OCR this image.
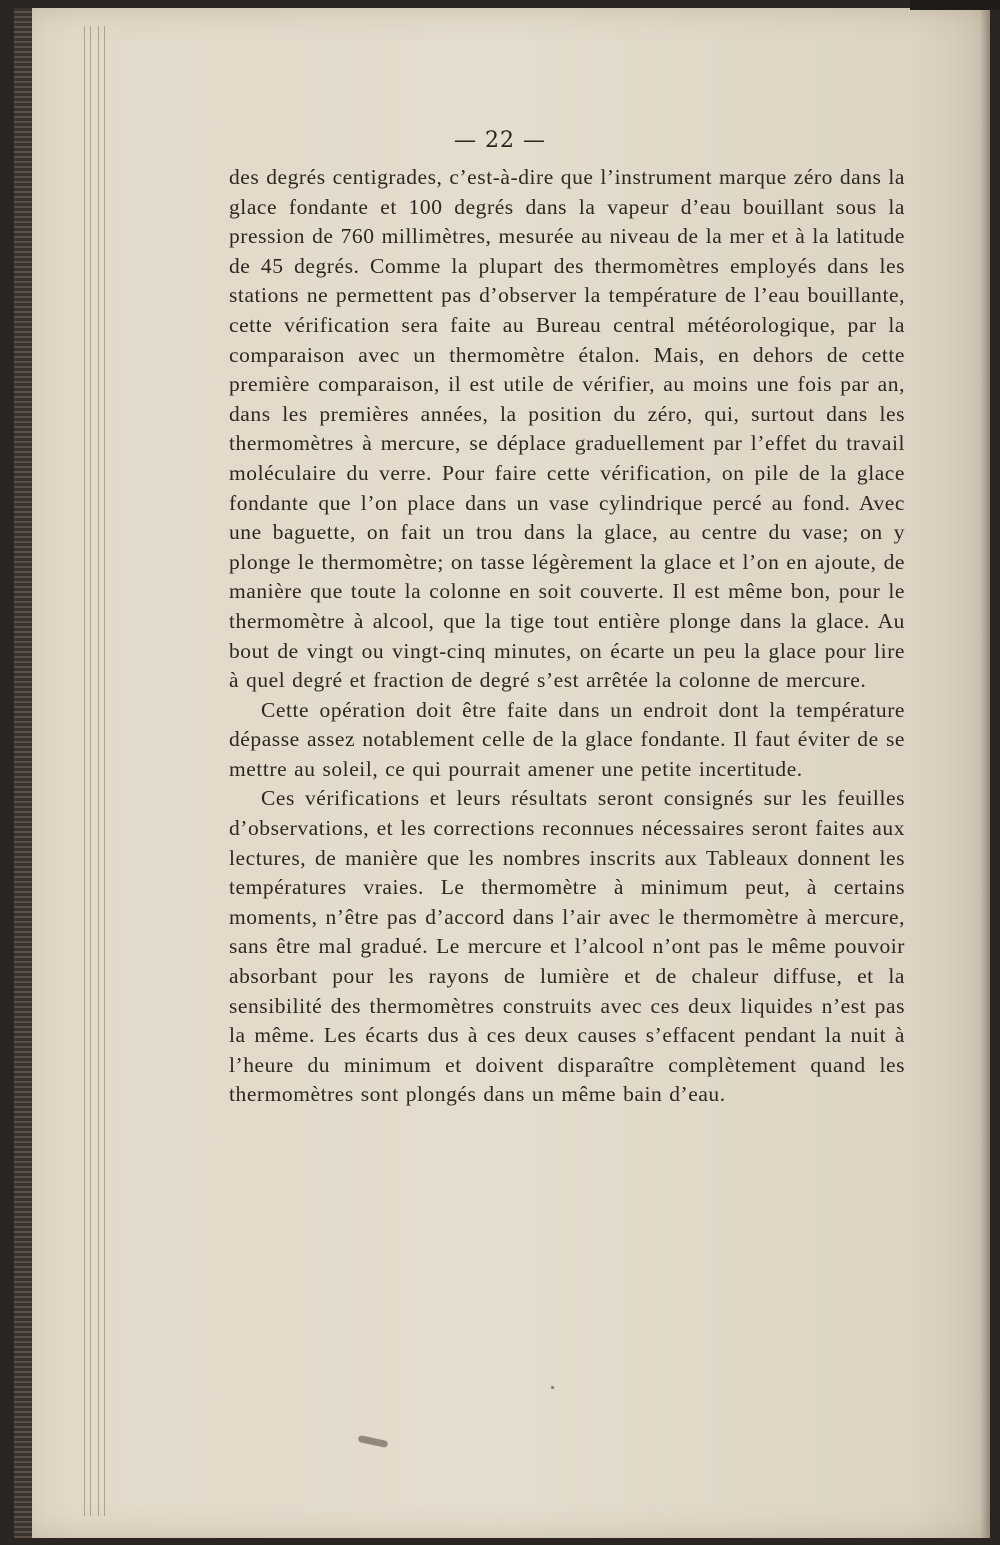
— 22 —

des degrés centigrades, c’est-à-dire que l’instrument marque zéro dans la glace fondante et 100 degrés dans la vapeur d’eau bouillant sous la pression de 760 millimètres, mesurée au niveau de la mer et à la latitude de 45 degrés. Comme la plupart des thermomètres employés dans les stations ne permettent pas d’observer la température de l’eau bouillante, cette vérification sera faite au Bureau central météorologique, par la comparaison avec un thermomètre étalon. Mais, en dehors de cette première comparaison, il est utile de vérifier, au moins une fois par an, dans les premières années, la position du zéro, qui, surtout dans les thermomètres à mercure, se déplace graduellement par l’effet du travail moléculaire du verre. Pour faire cette vérification, on pile de la glace fondante que l’on place dans un vase cylindrique percé au fond. Avec une baguette, on fait un trou dans la glace, au centre du vase; on y plonge le thermomètre; on tasse légèrement la glace et l’on en ajoute, de manière que toute la colonne en soit couverte. Il est même bon, pour le thermomètre à alcool, que la tige tout entière plonge dans la glace. Au bout de vingt ou vingt-cinq minutes, on écarte un peu la glace pour lire à quel degré et fraction de degré s’est arrêtée la colonne de mercure.

Cette opération doit être faite dans un endroit dont la température dépasse assez notablement celle de la glace fondante. Il faut éviter de se mettre au soleil, ce qui pourrait amener une petite incertitude.

Ces vérifications et leurs résultats seront consignés sur les feuilles d’observations, et les corrections reconnues nécessaires seront faites aux lectures, de manière que les nombres inscrits aux Tableaux donnent les températures vraies. Le thermomètre à minimum peut, à certains moments, n’être pas d’accord dans l’air avec le thermomètre à mercure, sans être mal gradué. Le mercure et l’alcool n’ont pas le même pouvoir absorbant pour les rayons de lumière et de chaleur diffuse, et la sensibilité des thermomètres construits avec ces deux liquides n’est pas la même. Les écarts dus à ces deux causes s’effacent pendant la nuit à l’heure du minimum et doivent disparaître complètement quand les thermomètres sont plongés dans un même bain d’eau.
